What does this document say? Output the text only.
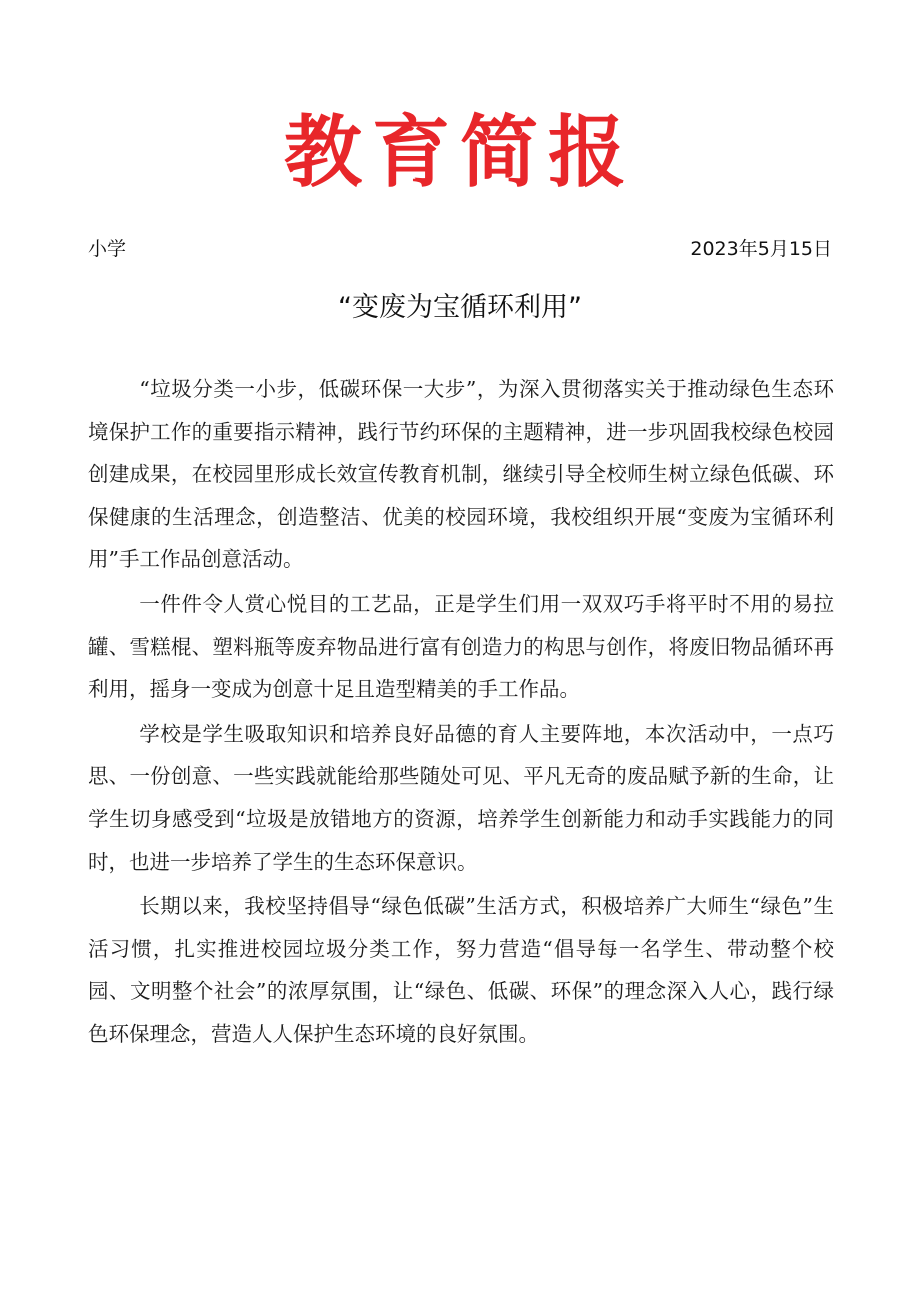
教育简报
小学	2023年5月15日
“变废为宝循环利用”

“垃圾分类一小步，低碳环保一大步”，为深入贯彻落实关于推动绿色生态环境保护工作的重要指示精神，践行节约环保的主题精神，进一步巩固我校绿色校园创建成果，在校园里形成长效宣传教育机制，继续引导全校师生树立绿色低碳、环保健康的生活理念，创造整洁、优美的校园环境，我校组织开展“变废为宝循环利用”手工作品创意活动。

一件件令人赏心悦目的工艺品，正是学生们用一双双巧手将平时不用的易拉罐、雪糕棍、塑料瓶等废弃物品进行富有创造力的构思与创作，将废旧物品循环再利用，摇身一变成为创意十足且造型精美的手工作品。

学校是学生吸取知识和培养良好品德的育人主要阵地，本次活动中，一点巧思、一份创意、一些实践就能给那些随处可见、平凡无奇的废品赋予新的生命，让学生切身感受到“垃圾是放错地方的资源，培养学生创新能力和动手实践能力的同时，也进一步培养了学生的生态环保意识。

长期以来，我校坚持倡导“绿色低碳”生活方式，积极培养广大师生“绿色”生活习惯，扎实推进校园垃圾分类工作，努力营造“倡导每一名学生、带动整个校园、文明整个社会”的浓厚氛围，让“绿色、低碳、环保”的理念深入人心，践行绿色环保理念，营造人人保护生态环境的良好氛围。
